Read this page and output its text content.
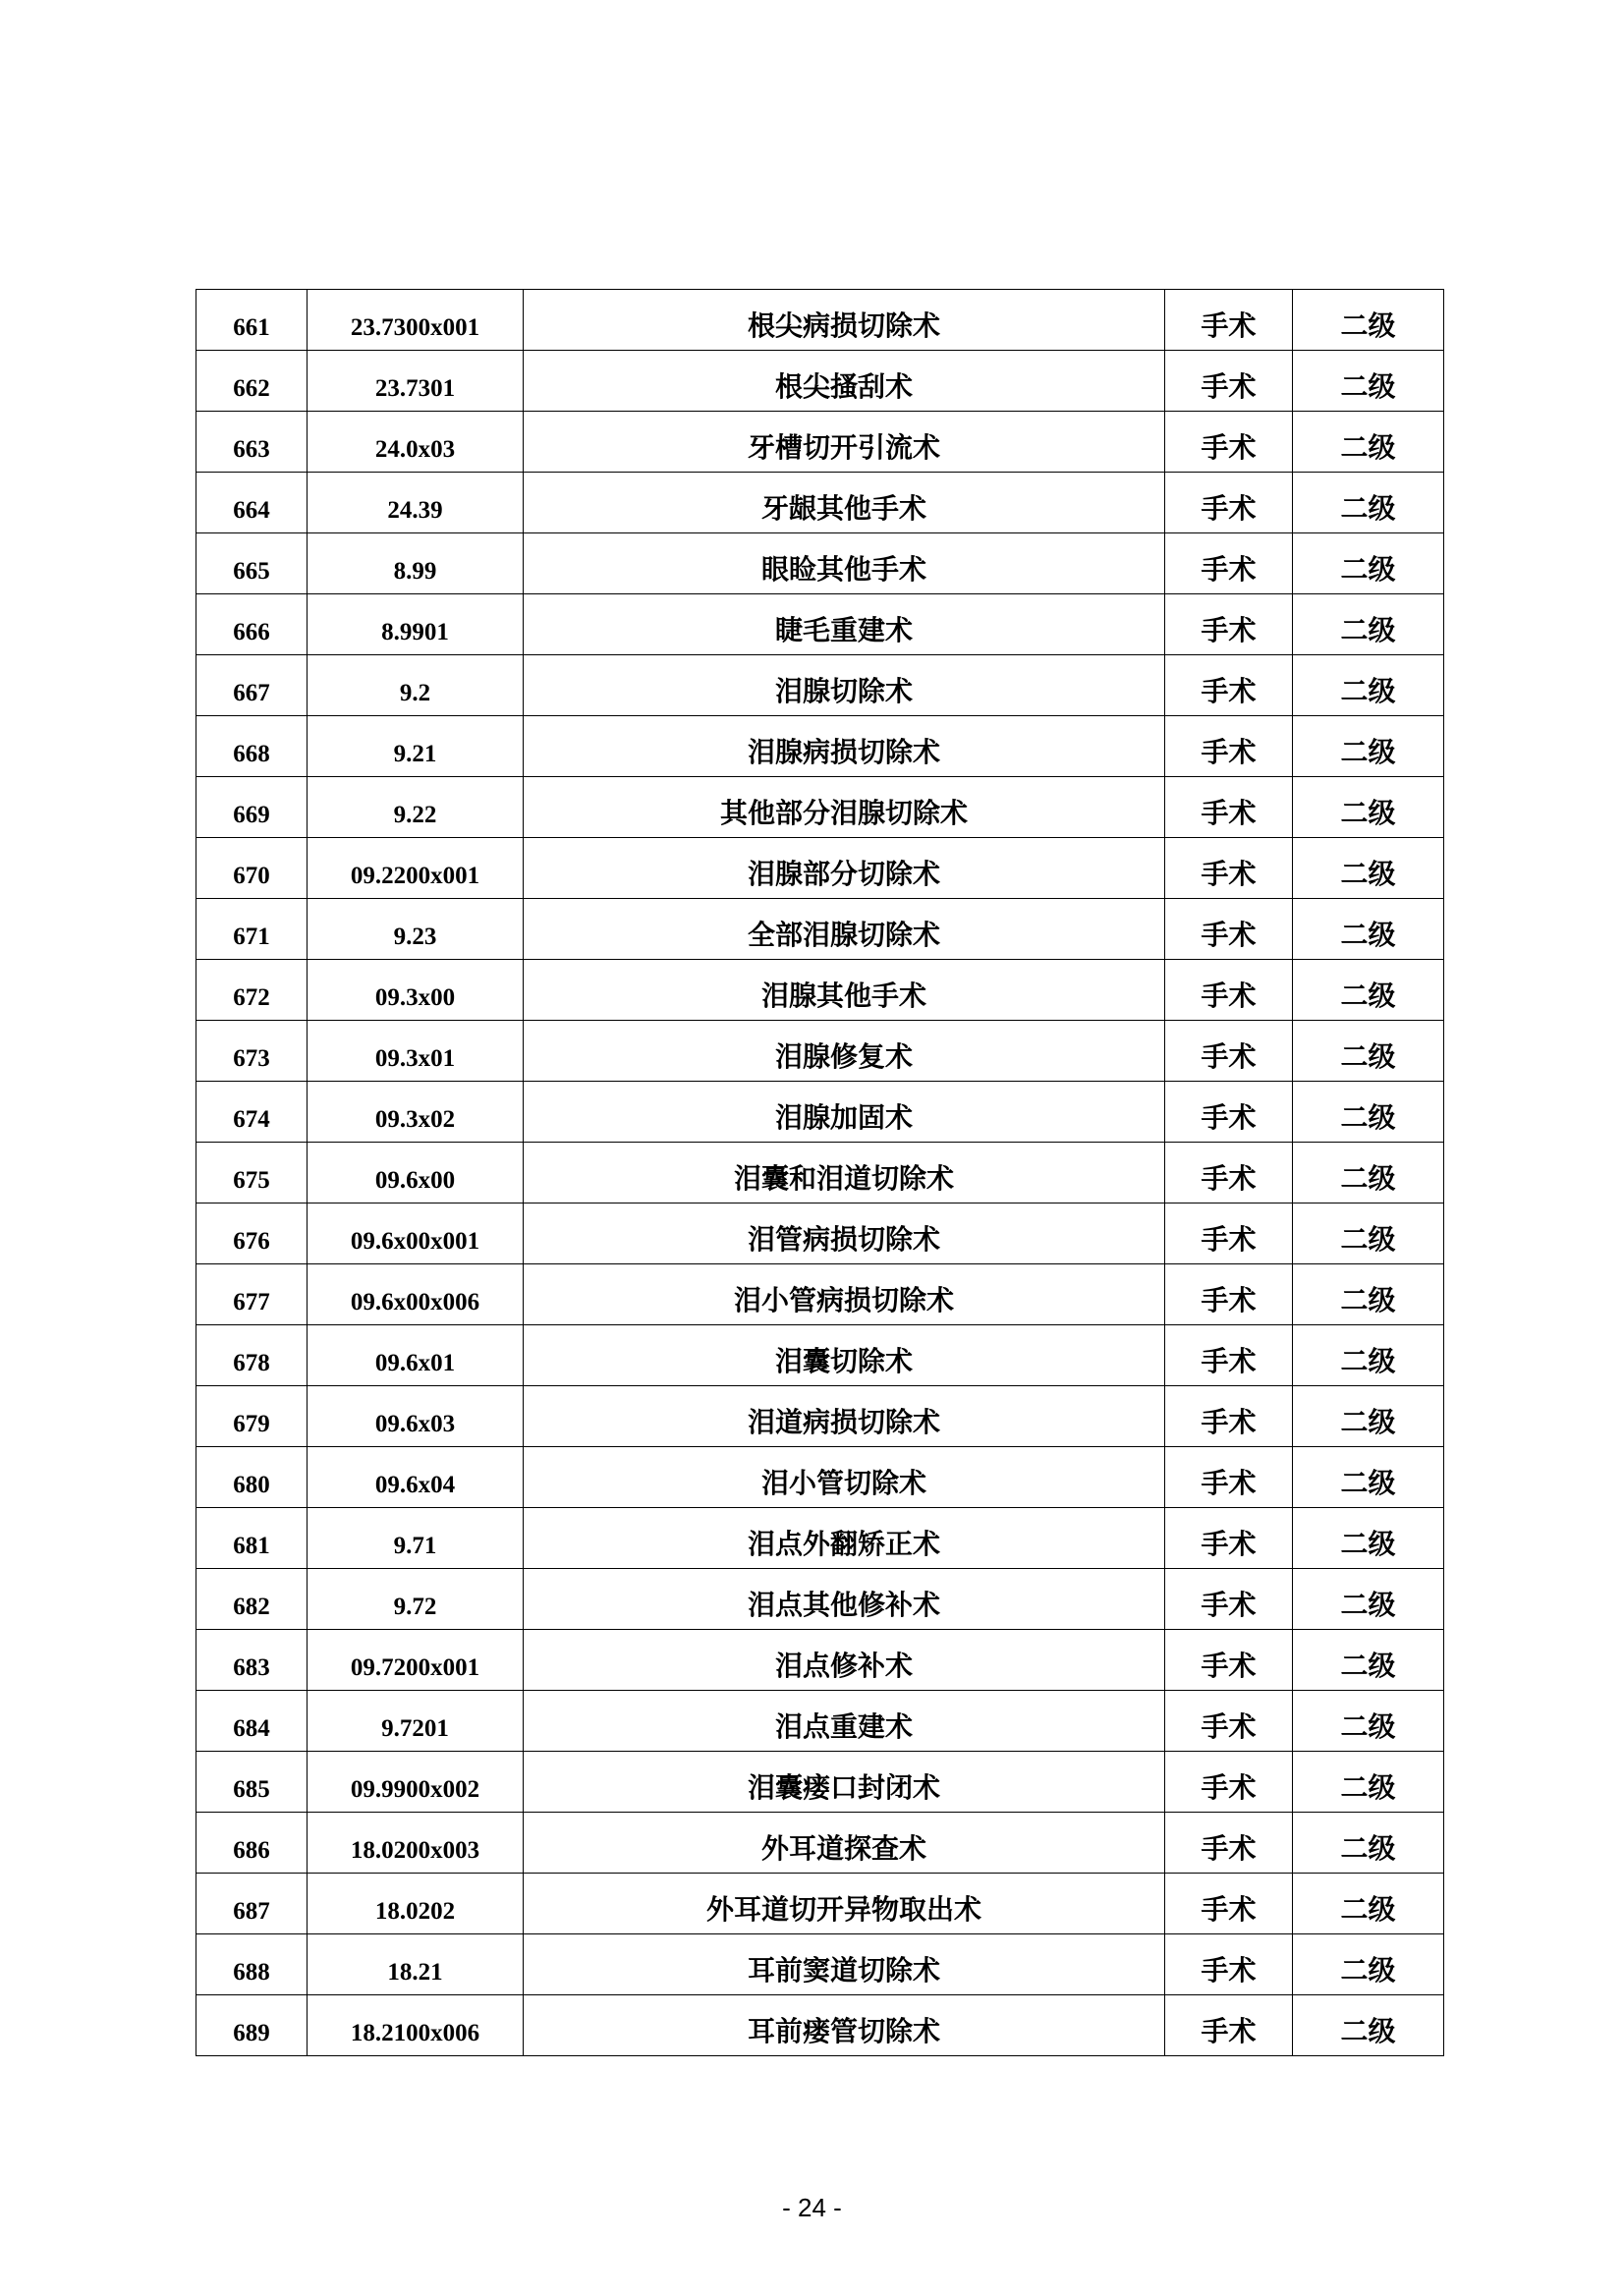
661	23.7300x001	根尖病损切除术	手术	二级
662	23.7301	根尖搔刮术	手术	二级
663	24.0x03	牙槽切开引流术	手术	二级
664	24.39	牙龈其他手术	手术	二级
665	8.99	眼睑其他手术	手术	二级
666	8.9901	睫毛重建术	手术	二级
667	9.2	泪腺切除术	手术	二级
668	9.21	泪腺病损切除术	手术	二级
669	9.22	其他部分泪腺切除术	手术	二级
670	09.2200x001	泪腺部分切除术	手术	二级
671	9.23	全部泪腺切除术	手术	二级
672	09.3x00	泪腺其他手术	手术	二级
673	09.3x01	泪腺修复术	手术	二级
674	09.3x02	泪腺加固术	手术	二级
675	09.6x00	泪囊和泪道切除术	手术	二级
676	09.6x00x001	泪管病损切除术	手术	二级
677	09.6x00x006	泪小管病损切除术	手术	二级
678	09.6x01	泪囊切除术	手术	二级
679	09.6x03	泪道病损切除术	手术	二级
680	09.6x04	泪小管切除术	手术	二级
681	9.71	泪点外翻矫正术	手术	二级
682	9.72	泪点其他修补术	手术	二级
683	09.7200x001	泪点修补术	手术	二级
684	9.7201	泪点重建术	手术	二级
685	09.9900x002	泪囊瘘口封闭术	手术	二级
686	18.0200x003	外耳道探查术	手术	二级
687	18.0202	外耳道切开异物取出术	手术	二级
688	18.21	耳前窦道切除术	手术	二级
689	18.2100x006	耳前瘘管切除术	手术	二级
- 24 -
